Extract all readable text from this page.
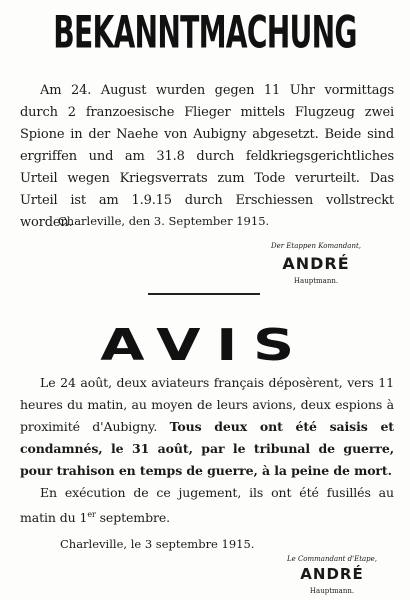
BEKANNTMACHUNG
Am 24. August wurden gegen 11 Uhr vormittags durch 2 franzoesische Flieger mittels Flugzeug zwei Spione in der Naehe von Aubigny abgesetzt. Beide sind ergriffen und am 31.8 durch feldkriegsgerichtliches Urteil wegen Kriegsverrats zum Tode verurteilt. Das Urteil ist am 1.9.15 durch Erschiessen vollstreckt worden.
Charleville, den 3. September 1915.
Der Etappen Komandant,
ANDRÉ
Hauptmann.
AVIS
Le 24 août, deux aviateurs français déposèrent, vers 11 heures du matin, au moyen de leurs avions, deux espions à proximité d'Aubigny. Tous deux ont été saisis et condamnés, le 31 août, par le tribunal de guerre, pour trahison en temps de guerre, à la peine de mort.
En exécution de ce jugement, ils ont été fusillés au matin du 1er septembre.
Charleville, le 3 septembre 1915.
Le Commandant d'Etape,
ANDRÉ
Hauptmann.
